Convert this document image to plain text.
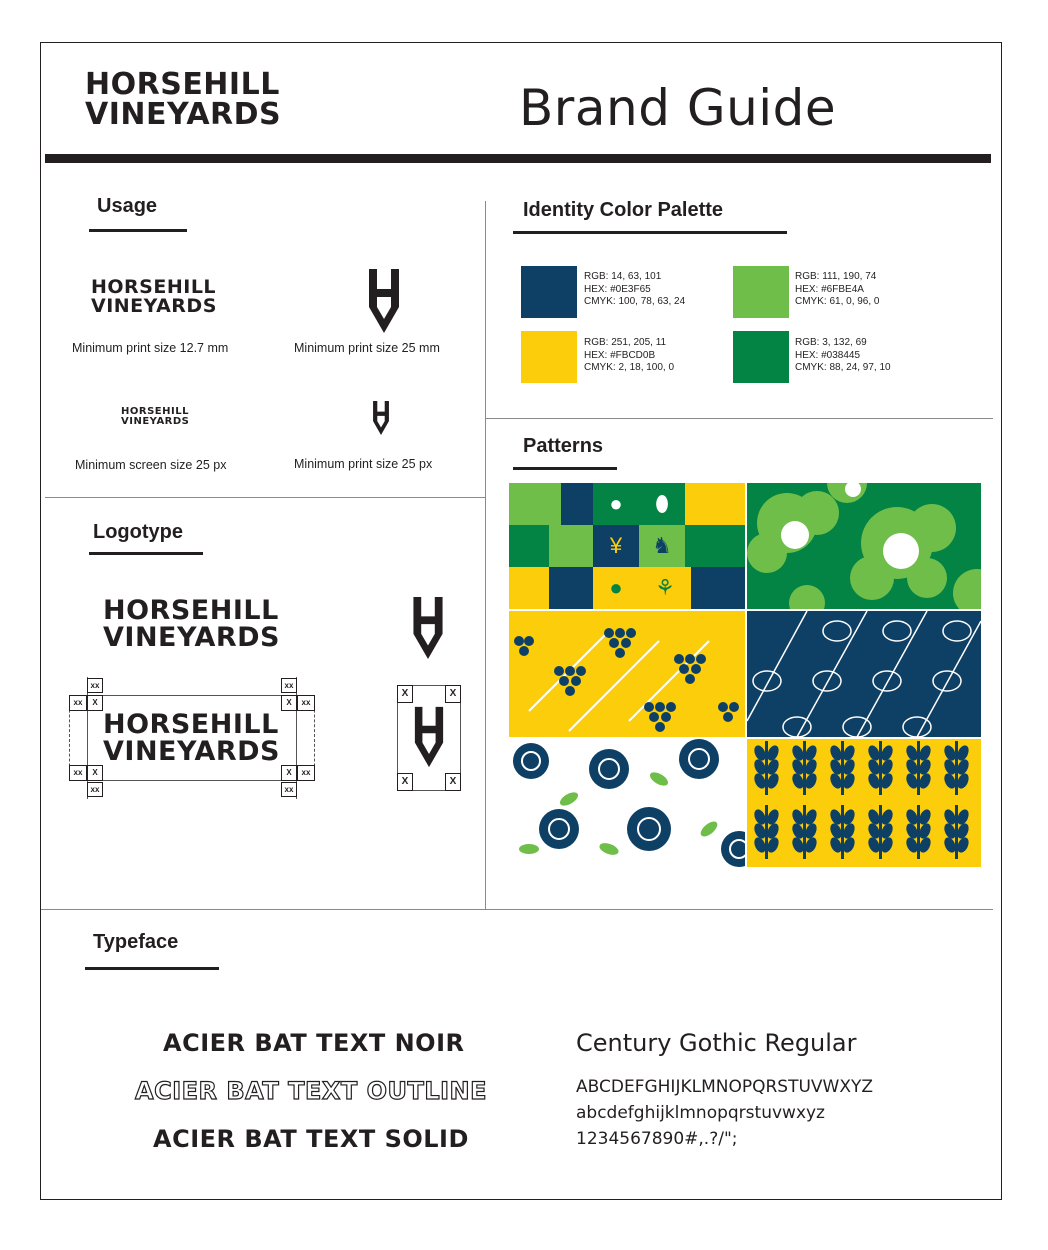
HORSEHILL
VINEYARDS	Brand Guide
Usage
HORSEHILL
VINEYARDS
Minimum print size 12.7 mm	Minimum print size 25 mm
HORSEHILL
VINEYARDS
Minimum screen size 25 px	Minimum print size 25 px
Logotype
HORSEHILL
VINEYARDS
xx	xx
xx	X	X	xx
HORSEHILL
VINEYARDS
xx	X	X	xx
xx	xx
X	X
X	X
Identity Color Palette
RGB: 14, 63, 101
HEX: #0E3F65
CMYK: 100, 78, 63, 24
RGB: 111, 190, 74
HEX: #6FBE4A
CMYK: 61, 0, 96, 0
RGB: 251, 205, 11
HEX: #FBCD0B
CMYK: 2, 18, 100, 0
RGB: 3, 132, 69
HEX: #038445
CMYK: 88, 24, 97, 10
Patterns
●	⬮
¥	♞
●	⚘
Typeface
ACIER BAT TEXT NOIR
ACIER BAT TEXT OUTLINE
ACIER BAT TEXT SOLID
Century Gothic Regular
ABCDEFGHIJKLMNOPQRSTUVWXYZ
abcdefghijklmnopqrstuvwxyz
1234567890#,.?/";
